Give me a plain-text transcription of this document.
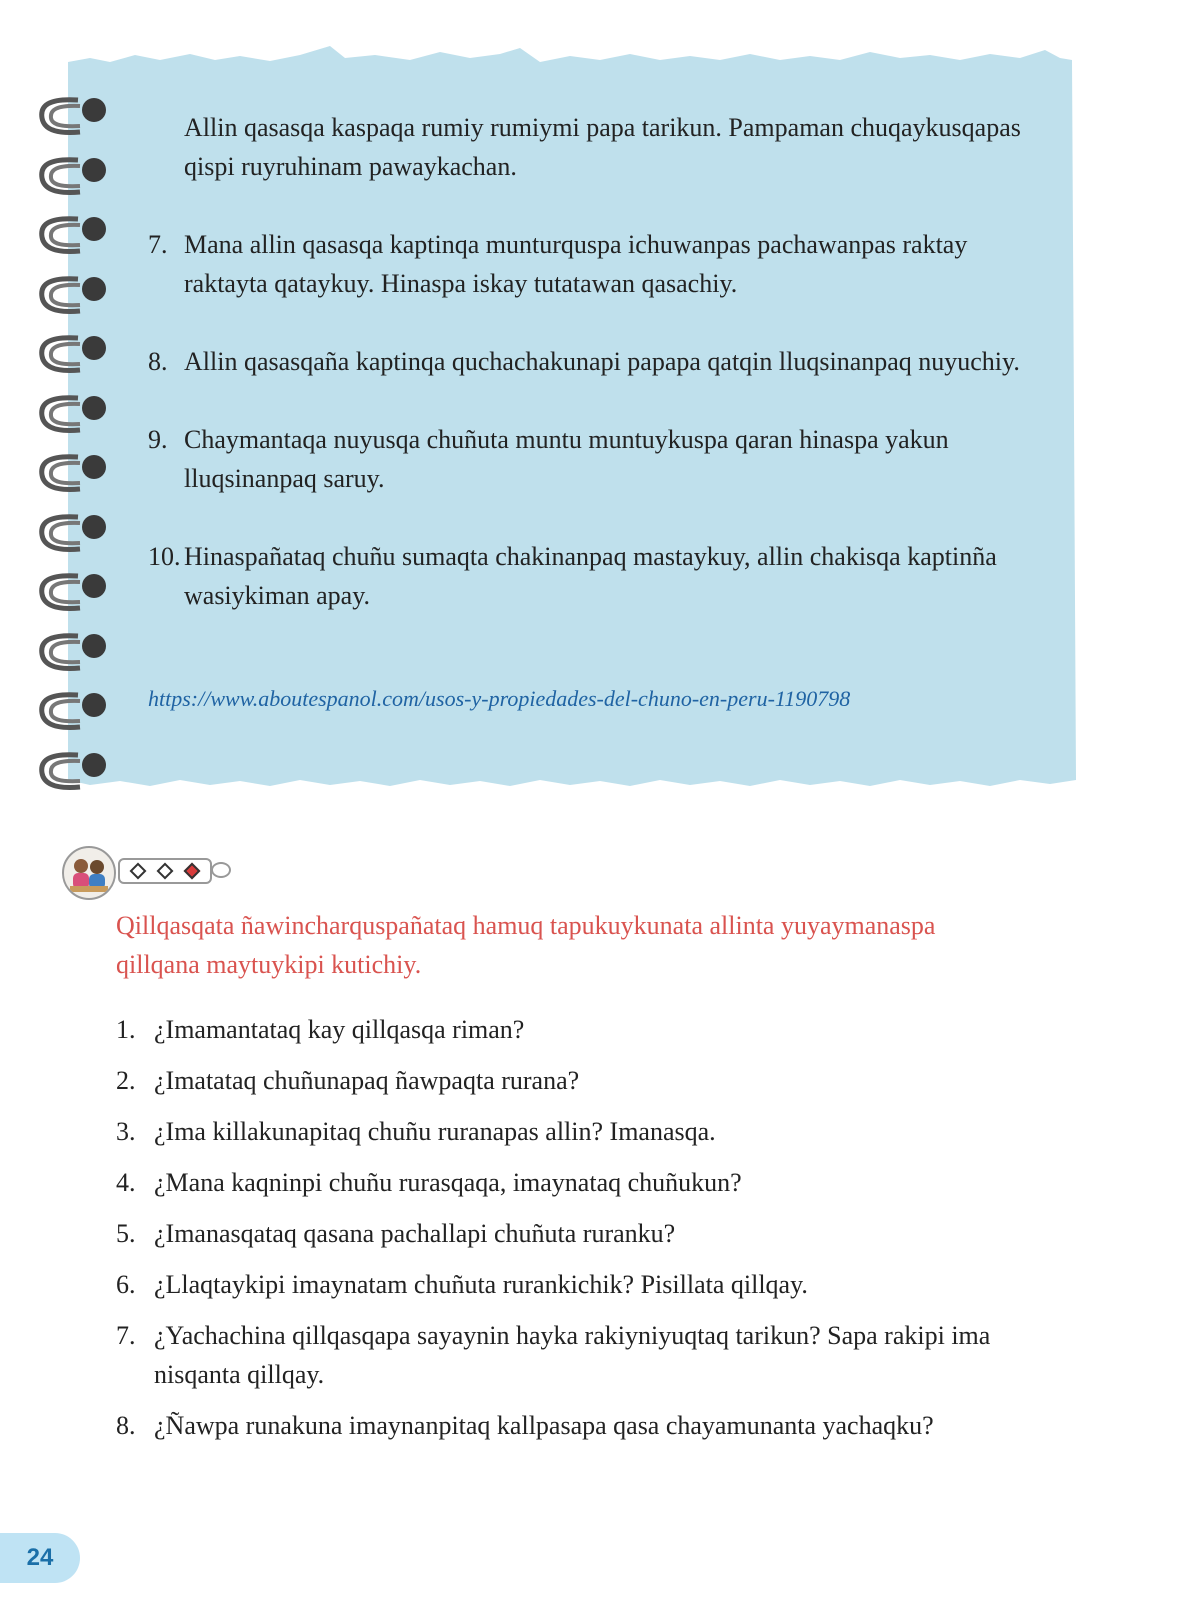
Allin qasasqa kaspaqa rumiy rumiymi papa tarikun. Pampaman chuqaykusqapas qispi ruyruhinam pawaykachan.

7. Mana allin qasasqa kaptinqa munturquspa ichuwanpas pachawanpas raktay raktayta qataykuy. Hinaspa iskay tutatawan qasachiy.

8. Allin qasasqaña kaptinqa quchachakunapi papapa qatqin lluqsinanpaq nuyuchiy.

9. Chaymantaqa nuyusqa chuñuta muntu muntuykuspa qaran hinaspa yakun lluqsinanpaq saruy.

10. Hinaspañataq chuñu sumaqta chakinanpaq mastaykuy, allin chakisqa kaptinña wasiykiman apay.

https://www.aboutespanol.com/usos-y-propiedades-del-chuno-en-peru-1190798
Qillqasqata ñawincharquspañataq hamuq tapukuykunata allinta yuyaymanaspa     qillqana maytuykipi kutichiy.
1. ¿Imamantataq kay qillqasqa riman?
2. ¿Imatataq chuñunapaq ñawpaqta rurana?
3. ¿Ima killakunapitaq chuñu ruranapas allin? Imanasqa.
4. ¿Mana kaqninpi chuñu rurasqaqa, imaynataq chuñukun?
5. ¿Imanasqataq qasana pachallapi chuñuta ruranku?
6. ¿Llaqtaykipi imaynatam chuñuta rurankichik? Pisillata qillqay.
7. ¿Yachachina qillqasqapa sayaynin hayka rakiyniyuqtaq tarikun? Sapa rakipi ima nisqanta qillqay.
8. ¿Ñawpa runakuna imaynanpitaq kallpasapa qasa chayamunanta yachaqku?
24
